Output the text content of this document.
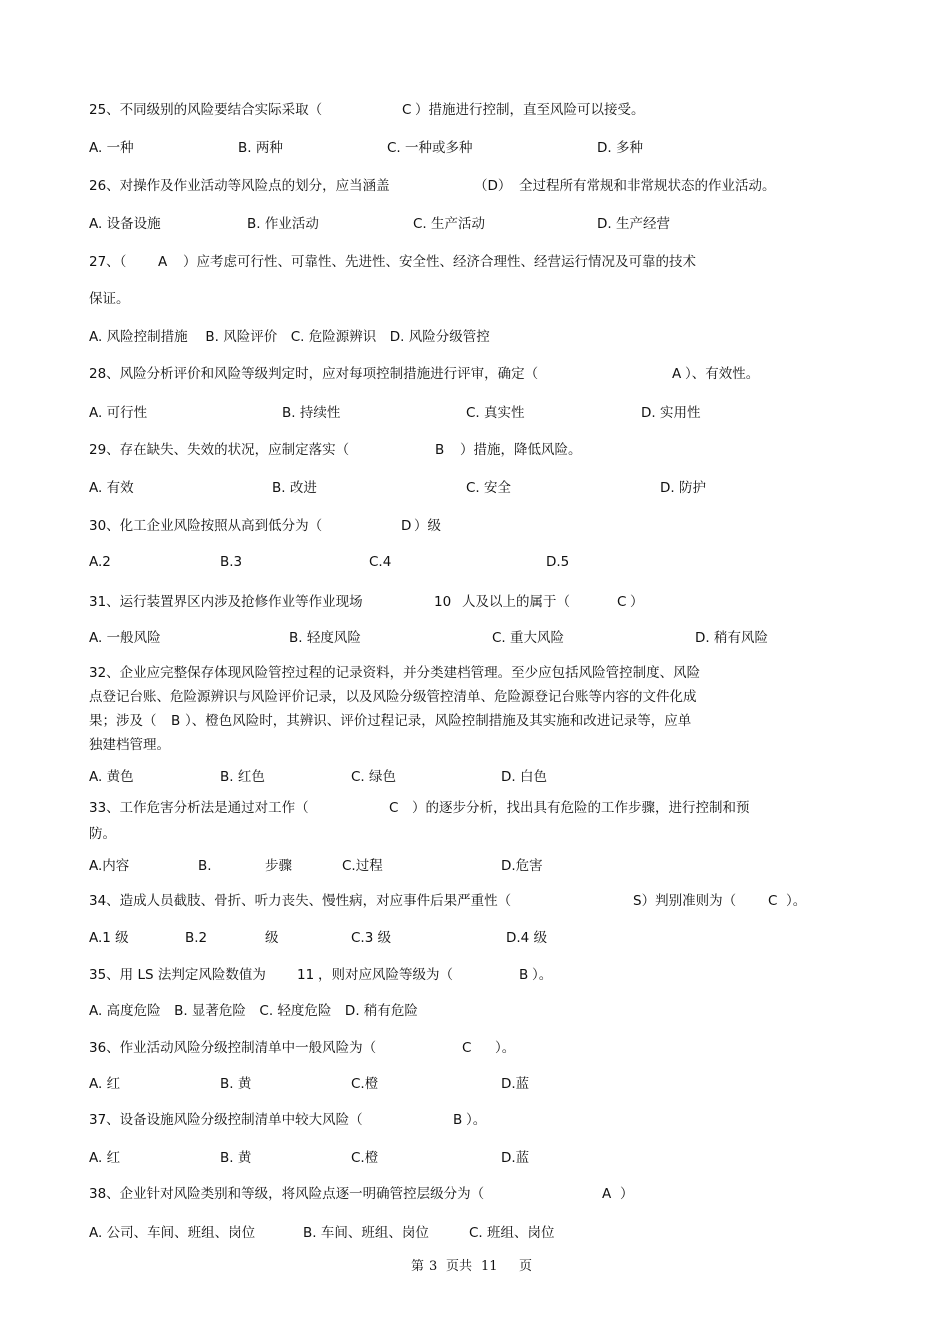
25、不同级别的风险要结合实际采取（	C ）措施进行控制，直至风险可以接受。
A. 一种	B. 两种	C. 一种或多种	D. 多种
26、对操作及作业活动等风险点的划分，应当涵盖	（D） 全过程所有常规和非常规状态的作业活动。
A. 设备设施	B. 作业活动	C. 生产活动	D. 生产经营
27、（ A ）应考虑可行性、可靠性、先进性、安全性、经济合理性、经营运行情况及可靠的技术
保证。
A. 风险控制措施　 B. 风险评价　C. 危险源辨识　D. 风险分级管控
28、风险分析评价和风险等级判定时，应对每项控制措施进行评审，确定（	A ）、有效性。
A. 可行性	B. 持续性	C. 真实性	D. 实用性
29、存在缺失、失效的状况，应制定落实（	B ）措施，降低风险。
A. 有效	B. 改进	C. 安全	D. 防护
30、化工企业风险按照从高到低分为（	D ）级
A.2	B.3	C.4	D.5
31、运行装置界区内涉及抢修作业等作业现场	10 人及以上的属于（	C ）
A. 一般风险	B. 轻度风险	C. 重大风险	D. 稍有风险
32、企业应完整保存体现风险管控过程的记录资料，并分类建档管理。至少应包括风险管控制度、风险
点登记台账、危险源辨识与风险评价记录，以及风险分级管控清单、危险源登记台账等内容的文件化成
果；涉及（ B ）、橙色风险时，其辨识、评价过程记录，风险控制措施及其实施和改进记录等，应单
独建档管理。
A. 黄色	B. 红色	C. 绿色	D. 白色
33、工作危害分析法是通过对工作（	C ）的逐步分析，找出具有危险的工作步骤，进行控制和预
防。
A.内容	B.	步骤	C.过程	D.危害
34、造成人员截肢、骨折、听力丧失、慢性病，对应事件后果严重性（	S）判别准则为（ C ）。
A.1 级	B.2	级	C.3 级	D.4 级
35、用 LS 法判定风险数值为 11 ，则对应风险等级为（	B ）。
A. 高度危险　B. 显著危险　C. 轻度危险　D. 稍有危险
36、作业活动风险分级控制清单中一般风险为（	C ）。
A. 红	B. 黄	C.橙	D.蓝
37、设备设施风险分级控制清单中较大风险（	B ）。
A. 红	B. 黄	C.橙	D.蓝
38、企业针对风险类别和等级，将风险点逐一明确管控层级分为（	A ）
A. 公司、车间、班组、岗位	B. 车间、班组、岗位	C. 班组、岗位
第 3 页共 11 页
